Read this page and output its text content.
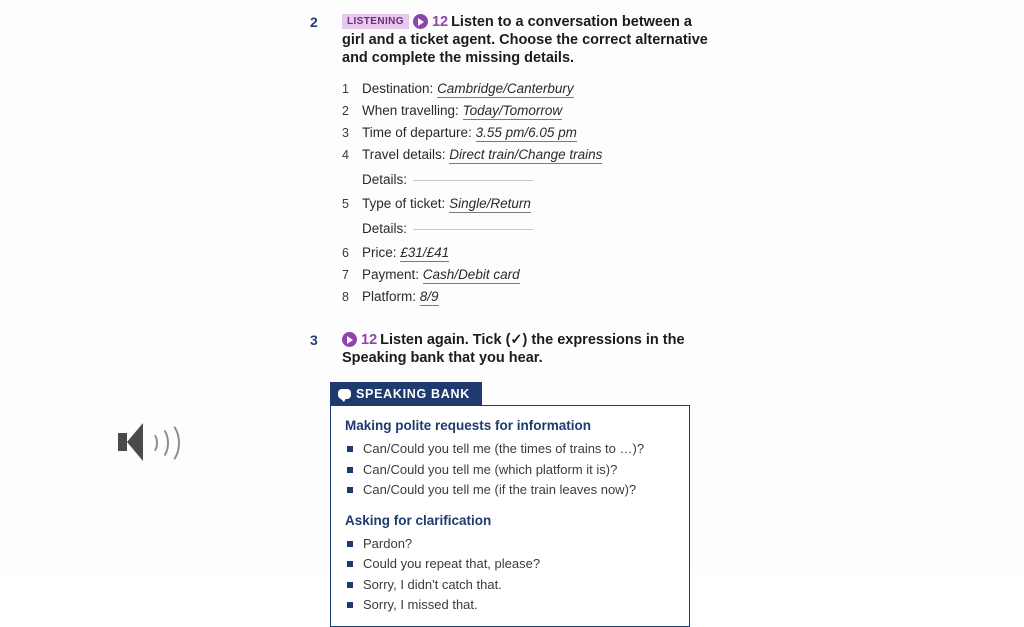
2	LISTENING 12 Listen to a conversation between a girl and a ticket agent. Choose the correct alternative and complete the missing details.
1 Destination: Cambridge/Canterbury
2 When travelling: Today/Tomorrow
3 Time of departure: 3.55 pm/6.05 pm
4 Travel details: Direct train/Change trains
Details:
5 Type of ticket: Single/Return
Details:
6 Price: £31/£41
7 Payment: Cash/Debit card
8 Platform: 8/9
3	12 Listen again. Tick (✓) the expressions in the Speaking bank that you hear.
SPEAKING BANK
Making polite requests for information
Can/Could you tell me (the times of trains to …)?
Can/Could you tell me (which platform it is)?
Can/Could you tell me (if the train leaves now)?
Asking for clarification
Pardon?
Could you repeat that, please?
Sorry, I didn't catch that.
Sorry, I missed that.
